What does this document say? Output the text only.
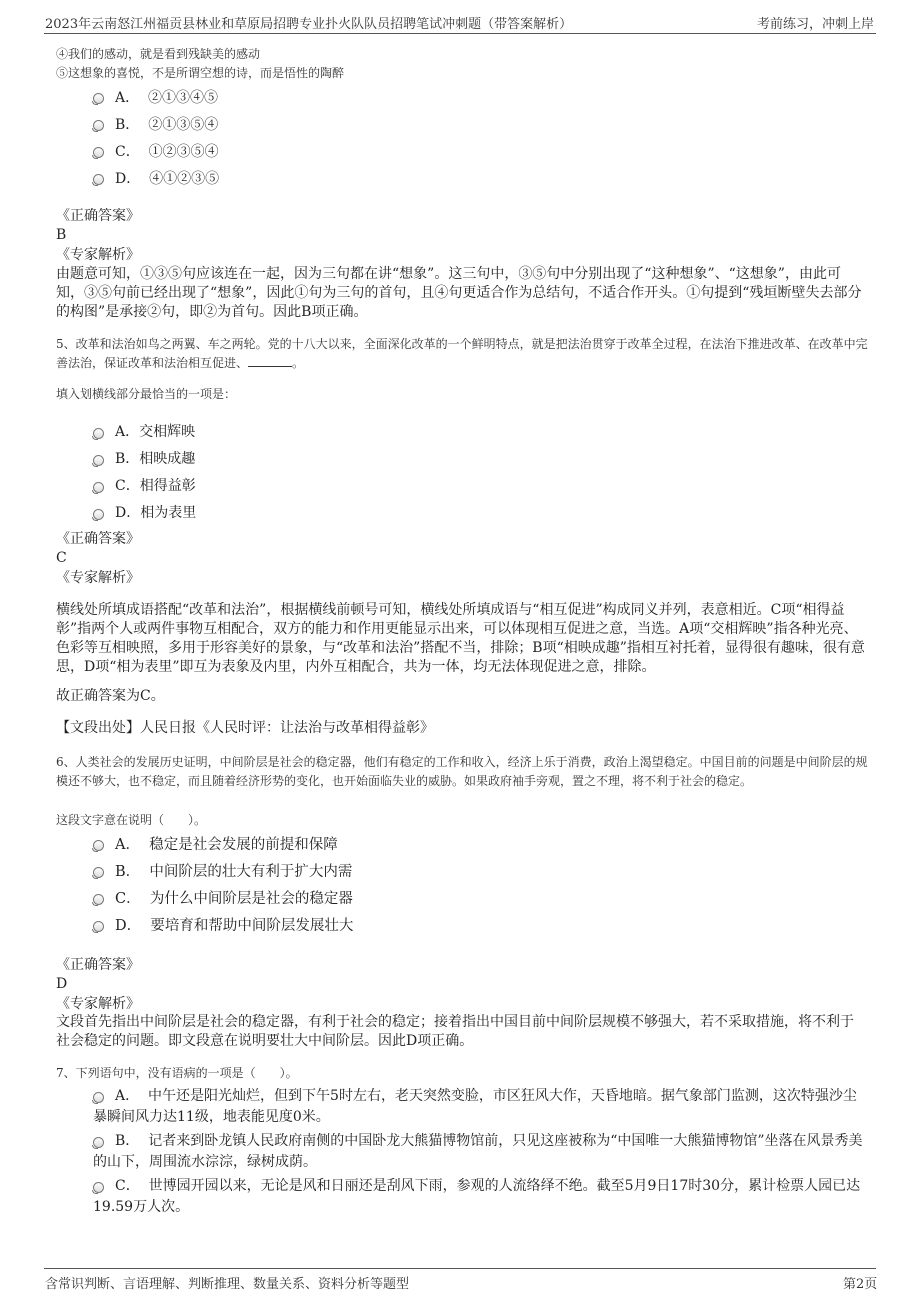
2023年云南怒江州福贡县林业和草原局招聘专业扑火队队员招聘笔试冲刺题（带答案解析）	考前练习，冲刺上岸
④我们的感动，就是看到残缺美的感动
⑤这想象的喜悦，不是所谓空想的诗，而是悟性的陶醉
A． ②①③④⑤
B． ②①③⑤④
C． ①②③⑤④
D． ④①②③⑤
《正确答案》
B
《专家解析》
由题意可知，①③⑤句应该连在一起，因为三句都在讲“想象”。这三句中，③⑤句中分别出现了“这种想象”、“这想象”，由此可知，③⑤句前已经出现了“想象”，因此①句为三句的首句，且④句更适合作为总结句，不适合作开头。①句提到“残垣断壁失去部分的构图”是承接②句，即②为首句。因此B项正确。
5、改革和法治如鸟之两翼、车之两轮。党的十八大以来，全面深化改革的一个鲜明特点，就是把法治贯穿于改革全过程，在法治下推进改革、在改革中完善法治，保证改革和法治相互促进、	。
填入划横线部分最恰当的一项是：
A．交相辉映
B．相映成趣
C．相得益彰
D．相为表里
《正确答案》
C
《专家解析》
横线处所填成语搭配“改革和法治”，根据横线前顿号可知，横线处所填成语与“相互促进”构成同义并列，表意相近。C项“相得益彰”指两个人或两件事物互相配合，双方的能力和作用更能显示出来，可以体现相互促进之意，当选。A项“交相辉映”指各种光亮、色彩等互相映照，多用于形容美好的景象，与“改革和法治”搭配不当，排除；B项“相映成趣”指相互衬托着，显得很有趣味，很有意思，D项“相为表里”即互为表象及内里，内外互相配合，共为一体，均无法体现促进之意，排除。
故正确答案为C。
【文段出处】人民日报《人民时评：让法治与改革相得益彰》
6、人类社会的发展历史证明，中间阶层是社会的稳定器，他们有稳定的工作和收入，经济上乐于消费，政治上渴望稳定。中国目前的问题是中间阶层的规模还不够大，也不稳定，而且随着经济形势的变化，也开始面临失业的威胁。如果政府袖手旁观，置之不理，将不利于社会的稳定。
这段文字意在说明（　　）。
A． 稳定是社会发展的前提和保障
B． 中间阶层的壮大有利于扩大内需
C． 为什么中间阶层是社会的稳定器
D． 要培育和帮助中间阶层发展壮大
《正确答案》
D
《专家解析》
文段首先指出中间阶层是社会的稳定器，有利于社会的稳定；接着指出中国目前中间阶层规模不够强大，若不采取措施，将不利于社会稳定的问题。即文段意在说明要壮大中间阶层。因此D项正确。
7、下列语句中，没有语病的一项是（　　）。
A． 中午还是阳光灿烂，但到下午5时左右，老天突然变脸，市区狂风大作，天昏地暗。据气象部门监测，这次特强沙尘暴瞬间风力达11级，地表能见度0米。
B． 记者来到卧龙镇人民政府南侧的中国卧龙大熊猫博物馆前，只见这座被称为“中国唯一大熊猫博物馆”坐落在风景秀美的山下，周围流水淙淙，绿树成荫。
C． 世博园开园以来，无论是风和日丽还是刮风下雨，参观的人流络绎不绝。截至5月9日17时30分，累计检票人园已达19.59万人次。
含常识判断、言语理解、判断推理、数量关系、资料分析等题型	第2页
